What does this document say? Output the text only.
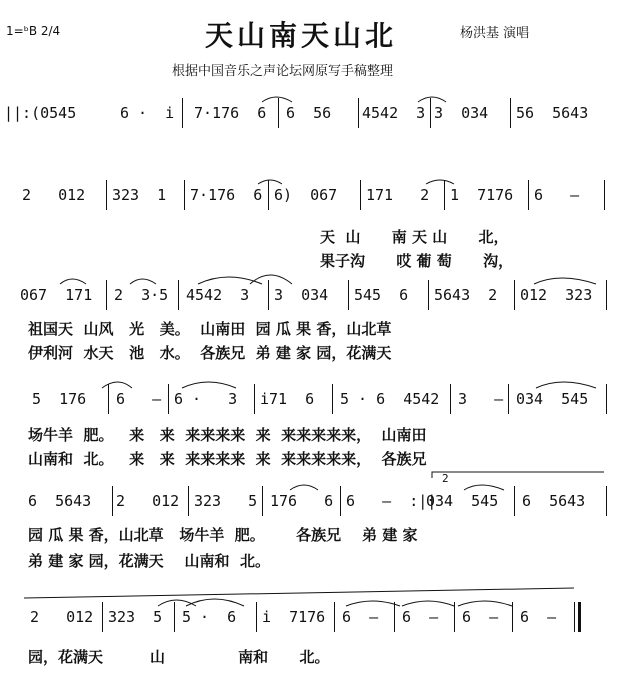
1=ᵇB 2/4	天山南天山北	杨洪基 演唱
根据中国音乐之声论坛网原写手稿整理
||:(0545	6 ·  i 7·176  6 6  56 4542  3 3  034 56  5643
2   012 323  1 7·176  6 6)  067 171   2 1  7176 6   –
067  171 2  3·5 4542  3 3  034 545  6 5643  2 012  323
5  176 6   – 6 ·   3 i71  6 5 · 6  4542 3   – 034  545
6  5643 2   012 323   5 176   6 6   –  :||
2
034  545 6  5643
2   012 323  5 5 ·  6 i  7176 6  – 6  – 6  – 6  –
天  山      南 天 山      北，
果子沟      哎 葡 萄      沟，
祖国天  山风   光   美。  山南田  园 瓜 果 香，山北草
伊利河  水天   池   水。  各族兄  弟 建 家 园，花满天
场牛羊  肥。   来   来  来来来来  来  来来来来来，  山南田
山南和  北。   来   来  来来来来  来  来来来来来，  各族兄
园 瓜 果 香，山北草   场牛羊  肥。      各族兄    弟 建 家
弟 建 家 园，花满天    山南和  北。
园，花满天         山              南和      北。
